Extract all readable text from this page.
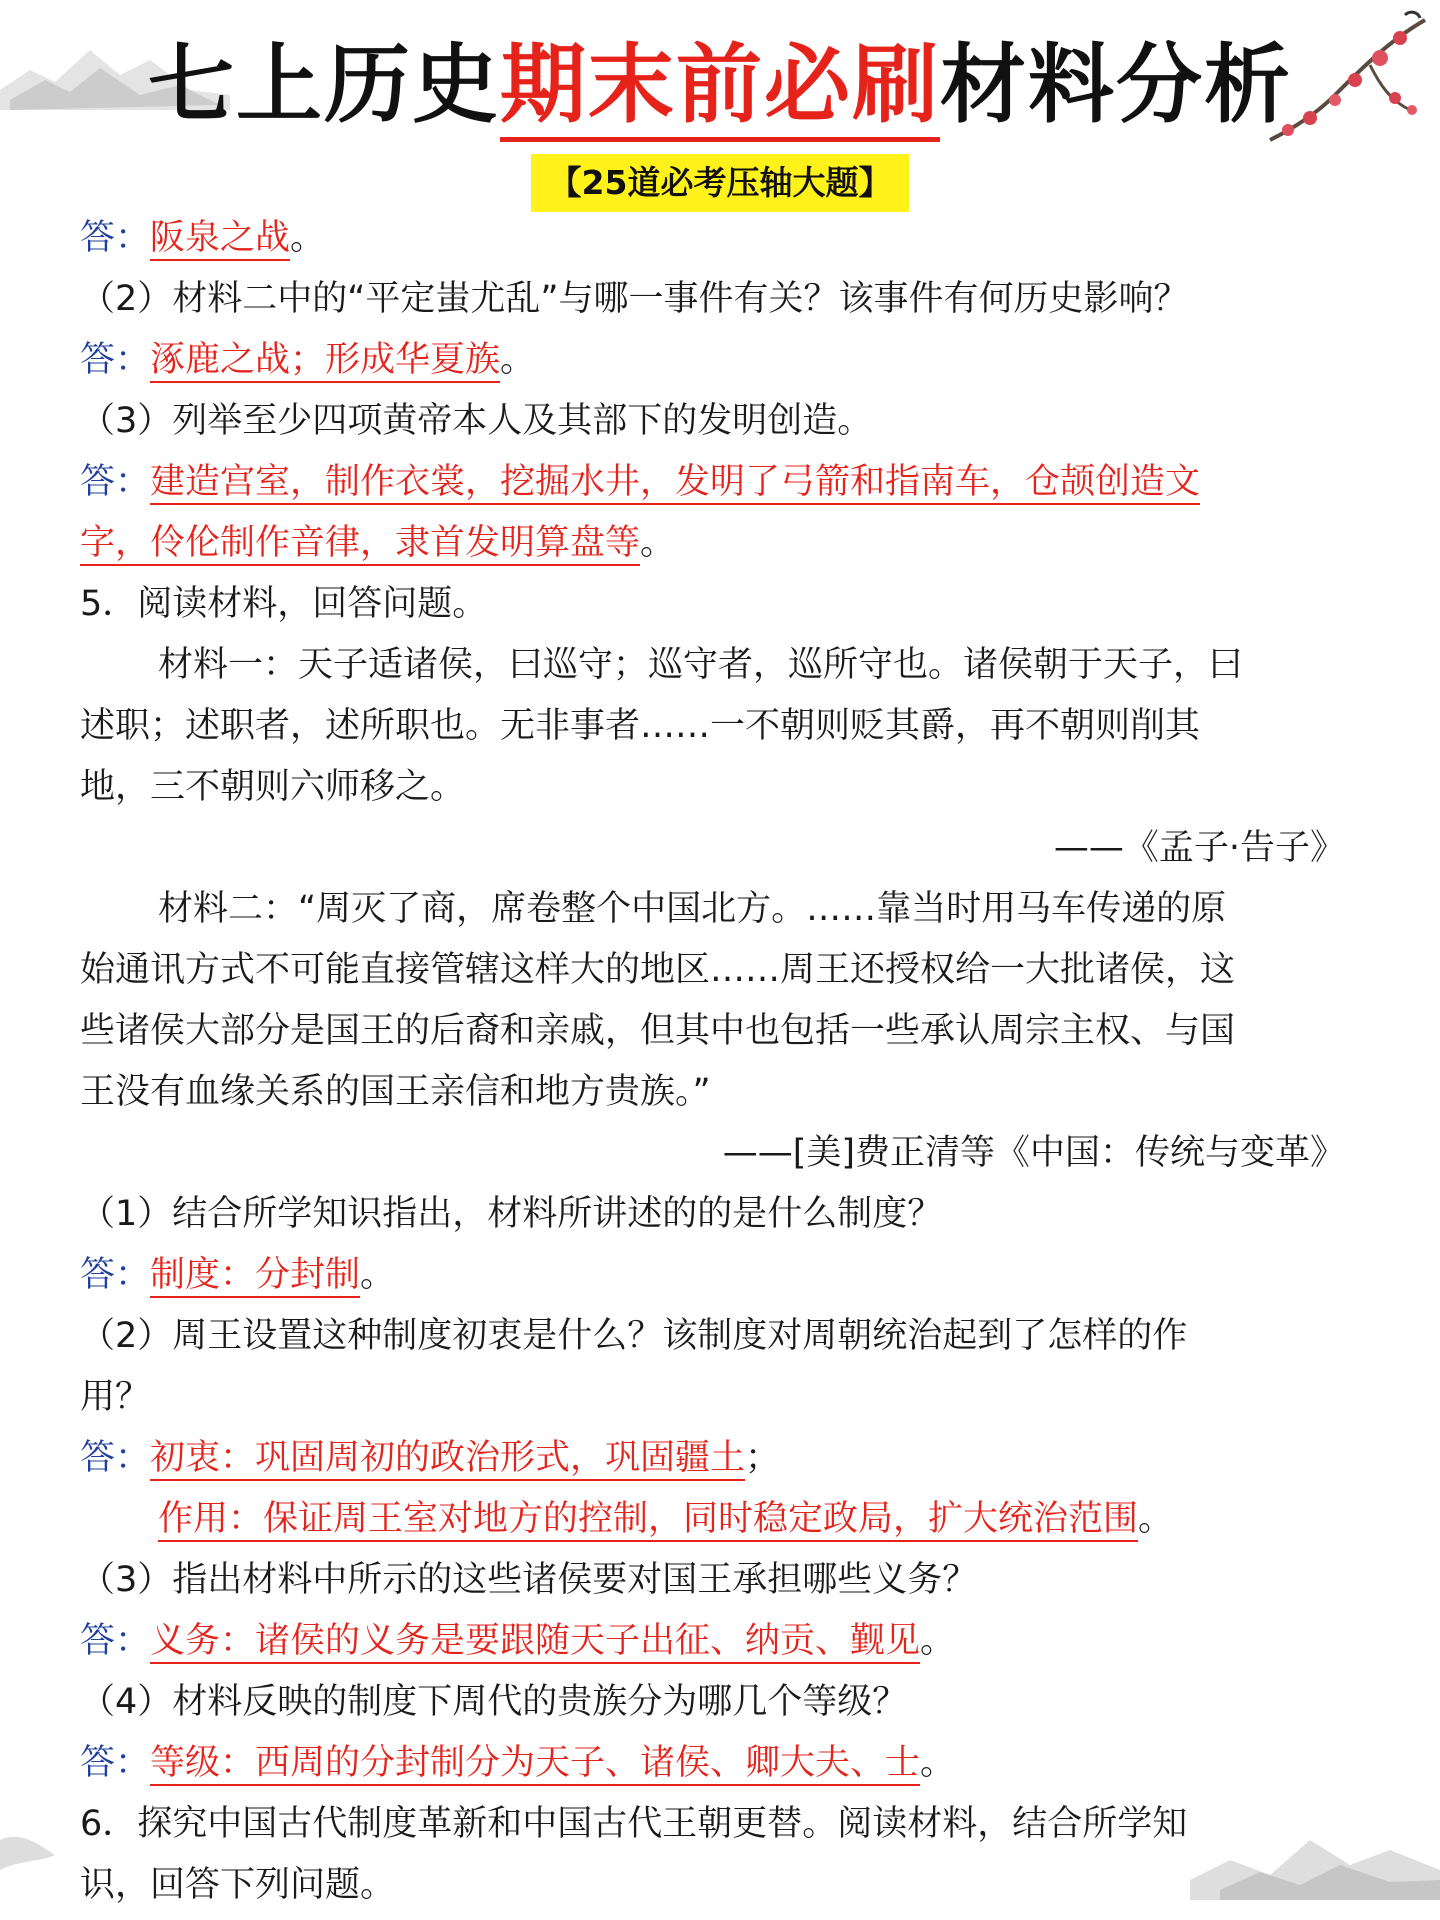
七上历史期末前必刷材料分析
【25道必考压轴大题】
答：阪泉之战。
（2）材料二中的“平定蚩尤乱”与哪一事件有关？该事件有何历史影响？
答：涿鹿之战；形成华夏族。
（3）列举至少四项黄帝本人及其部下的发明创造。
答：建造宫室，制作衣裳，挖掘水井，发明了弓箭和指南车，仓颉创造文
字，伶伦制作音律，隶首发明算盘等。
5．阅读材料，回答问题。
材料一：天子适诸侯，曰巡守；巡守者，巡所守也。诸侯朝于天子，曰
述职；述职者，述所职也。无非事者……一不朝则贬其爵，再不朝则削其
地，三不朝则六师移之。
——《孟子·告子》
材料二：“周灭了商，席卷整个中国北方。……靠当时用马车传递的原
始通讯方式不可能直接管辖这样大的地区……周王还授权给一大批诸侯，这
些诸侯大部分是国王的后裔和亲戚，但其中也包括一些承认周宗主权、与国
王没有血缘关系的国王亲信和地方贵族。”
——[美]费正清等《中国：传统与变革》
（1）结合所学知识指出，材料所讲述的的是什么制度？
答：制度：分封制。
（2）周王设置这种制度初衷是什么？该制度对周朝统治起到了怎样的作
用？
答：初衷：巩固周初的政治形式，巩固疆土；
作用：保证周王室对地方的控制，同时稳定政局，扩大统治范围。
（3）指出材料中所示的这些诸侯要对国王承担哪些义务？
答：义务：诸侯的义务是要跟随天子出征、纳贡、觐见。
（4）材料反映的制度下周代的贵族分为哪几个等级？
答：等级：西周的分封制分为天子、诸侯、卿大夫、士。
6．探究中国古代制度革新和中国古代王朝更替。阅读材料，结合所学知
识，回答下列问题。
